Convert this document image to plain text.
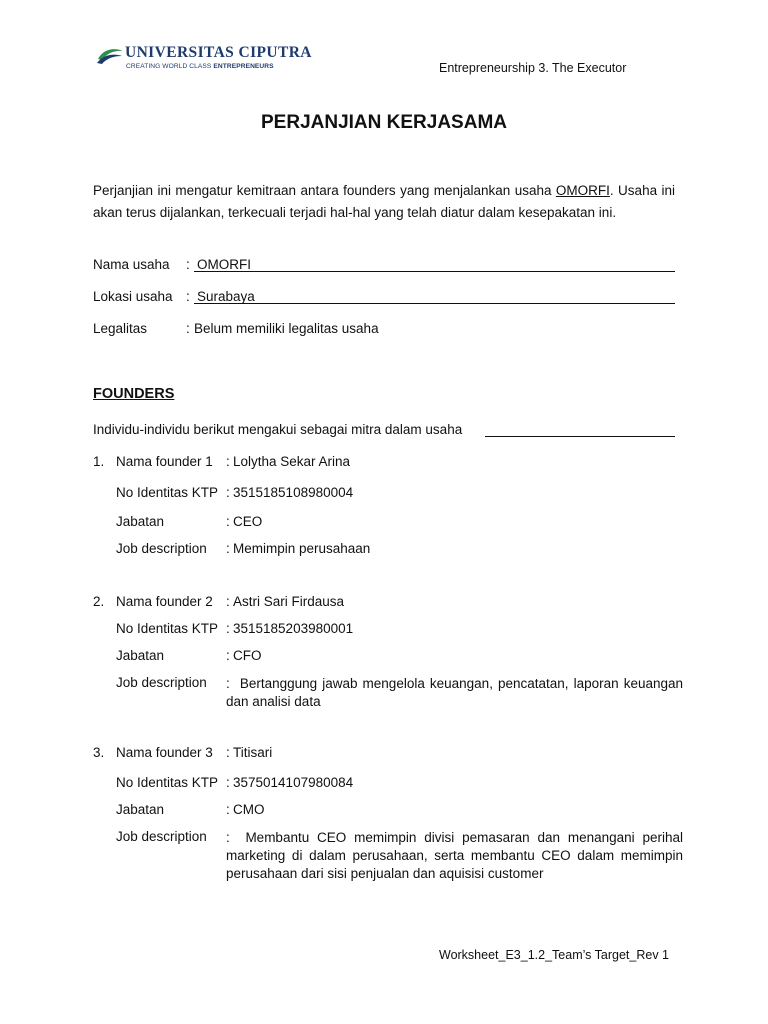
UNIVERSITAS CIPUTRA
CREATING WORLD CLASS ENTREPRENEURS	Entrepreneurship 3. The Executor
PERJANJIAN KERJASAMA
Perjanjian ini mengatur kemitraan antara founders yang menjalankan usaha OMORFI. Usaha ini akan terus dijalankan, terkecuali terjadi hal-hal yang telah diatur dalam kesepakatan ini.
Nama usaha : OMORFI
Lokasi usaha : Surabaya
Legalitas	: Belum memiliki legalitas usaha
FOUNDERS
Individu-individu berikut mengakui sebagai mitra dalam usaha
1. Nama founder 1 : Lolytha Sekar Arina
No Identitas KTP : 3515185108980004
Jabatan	: CEO
Job description : Memimpin perusahaan
2. Nama founder 2 : Astri Sari Firdausa
No Identitas KTP : 3515185203980001
Jabatan	: CFO
Job description :  Bertanggung jawab mengelola keuangan, pencatatan, laporan keuangan dan analisi data
3. Nama founder 3 : Titisari
No Identitas KTP : 3575014107980084
Jabatan	: CMO
Job description :  Membantu CEO memimpin divisi pemasaran dan menangani perihal marketing di dalam perusahaan, serta membantu CEO dalam memimpin perusahaan dari sisi penjualan dan aquisisi customer
Worksheet_E3_1.2_Team’s Target_Rev 1
